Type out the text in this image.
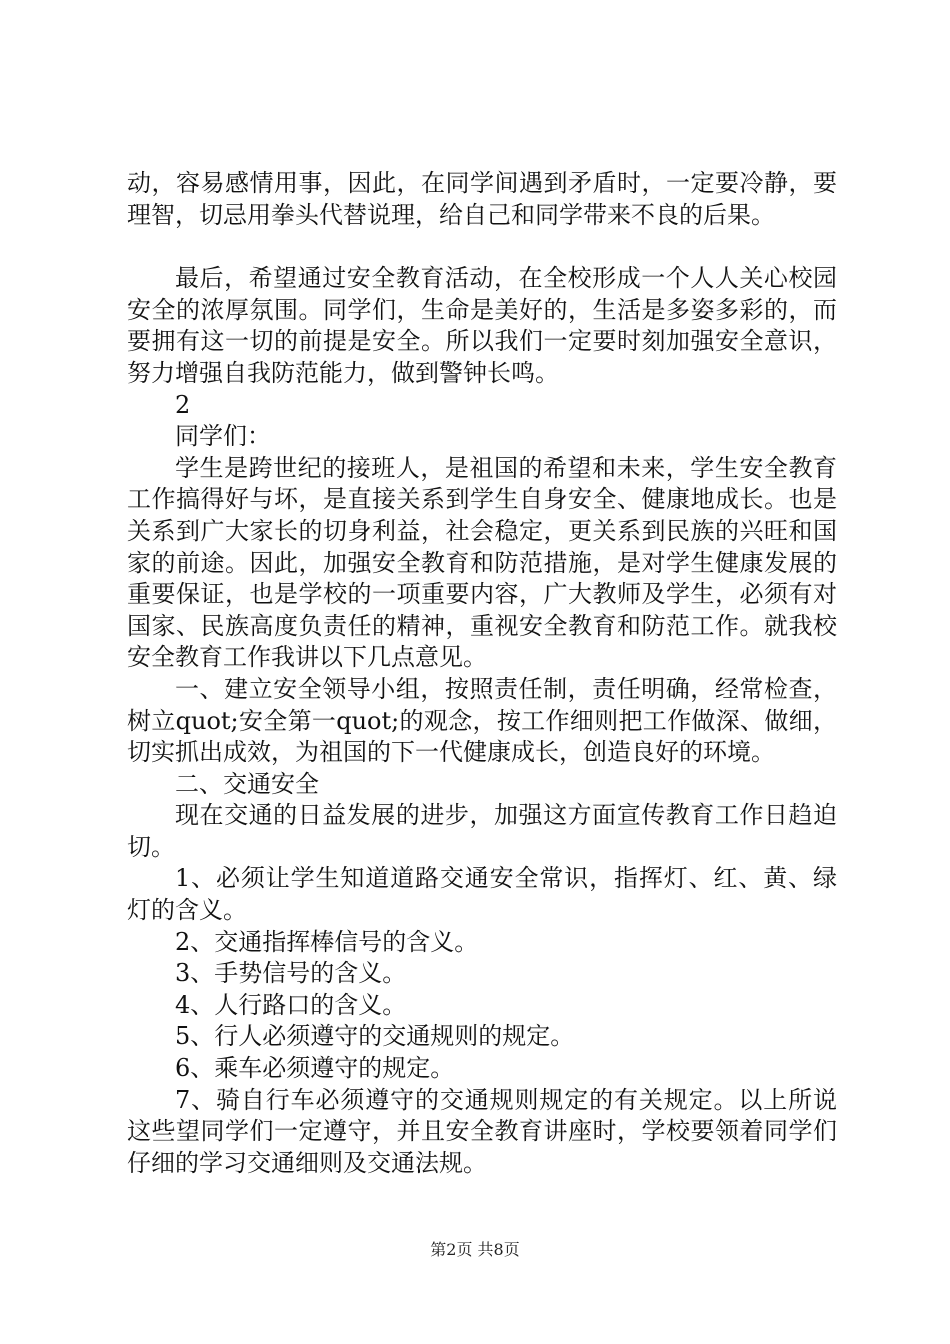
动，容易感情用事，因此，在同学间遇到矛盾时，一定要冷静，要理智，切忌用拳头代替说理，给自己和同学带来不良的后果。

最后，希望通过安全教育活动，在全校形成一个人人关心校园安全的浓厚氛围。同学们，生命是美好的，生活是多姿多彩的，而要拥有这一切的前提是安全。所以我们一定要时刻加强安全意识，努力增强自我防范能力，做到警钟长鸣。

2

同学们：

学生是跨世纪的接班人，是祖国的希望和未来，学生安全教育工作搞得好与坏，是直接关系到学生自身安全、健康地成长。也是关系到广大家长的切身利益，社会稳定，更关系到民族的兴旺和国家的前途。因此，加强安全教育和防范措施，是对学生健康发展的重要保证，也是学校的一项重要内容，广大教师及学生，必须有对国家、民族高度负责任的精神，重视安全教育和防范工作。就我校安全教育工作我讲以下几点意见。

一、建立安全领导小组，按照责任制，责任明确，经常检查，树立quot;安全第一quot;的观念，按工作细则把工作做深、做细，切实抓出成效，为祖国的下一代健康成长，创造良好的环境。

二、交通安全

现在交通的日益发展的进步，加强这方面宣传教育工作日趋迫切。

1、必须让学生知道道路交通安全常识，指挥灯、红、黄、绿灯的含义。

2、交通指挥棒信号的含义。

3、手势信号的含义。

4、人行路口的含义。

5、行人必须遵守的交通规则的规定。

6、乘车必须遵守的规定。

7、骑自行车必须遵守的交通规则规定的有关规定。以上所说这些望同学们一定遵守，并且安全教育讲座时，学校要领着同学们仔细的学习交通细则及交通法规。

第2页 共8页
